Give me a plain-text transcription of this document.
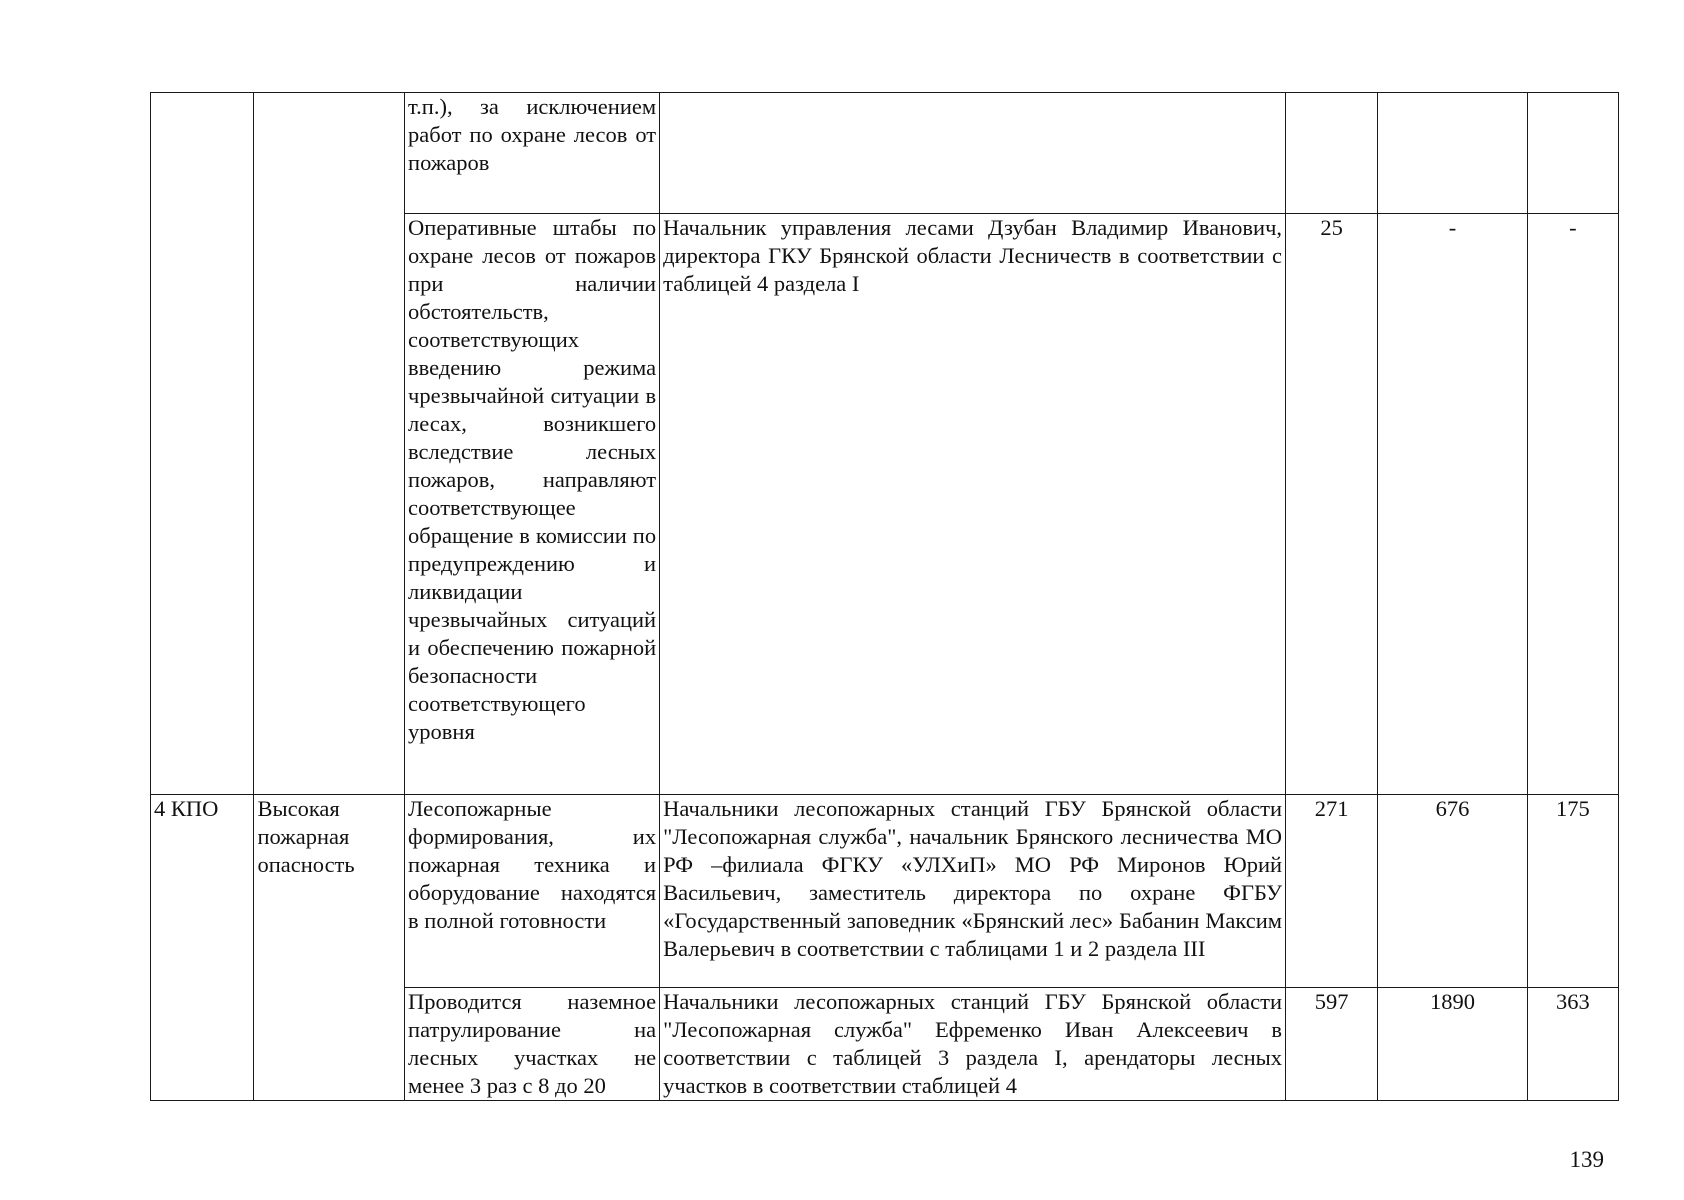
		т.п.), за исключением работ по охране лесов от пожаров				
		Оперативные штабы по охране лесов от пожаров при наличии обстоятельств, соответствующих введению режима чрезвычайной ситуации в лесах, возникшего вследствие лесных пожаров, направляют соответствующее обращение в комиссии по предупреждению и ликвидации чрезвычайных ситуаций и обеспечению пожарной безопасности соответствующего уровня	Начальник управления лесами Дзубан Владимир Иванович, директора ГКУ Брянской области Лесничеств в соответствии с таблицей 4 раздела I	25	-	-
4 КПО	Высокая пожарная опасность	Лесопожарные формирования, их пожарная техника и оборудование находятся в полной готовности	Начальники лесопожарных станций ГБУ Брянской области "Лесопожарная служба", начальник Брянского лесничества МО РФ –филиала ФГКУ «УЛХиП» МО РФ Миронов Юрий Васильевич, заместитель директора по охране ФГБУ «Государственный заповедник «Брянский лес» Бабанин Максим Валерьевич в соответствии с таблицами 1 и 2 раздела III	271	676	175
		Проводится наземное патрулирование на лесных участках не менее 3 раз с 8 до 20	Начальники лесопожарных станций ГБУ Брянской области "Лесопожарная служба" Ефременко Иван Алексеевич в соответствии с таблицей 3 раздела I, арендаторы лесных участков в соответствии стаблицей 4	597	1890	363
139
